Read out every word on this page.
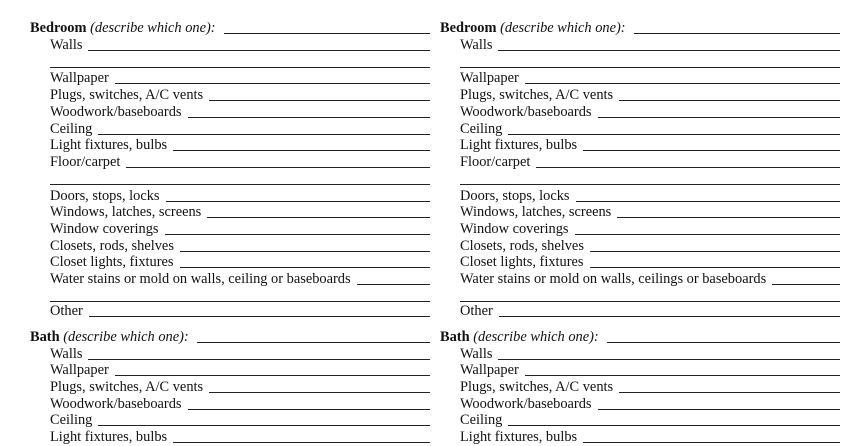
Bedroom (describe which one):
Walls
Wallpaper
Plugs, switches, A/C vents
Woodwork/baseboards
Ceiling
Light fixtures, bulbs
Floor/carpet
Doors, stops, locks
Windows, latches, screens
Window coverings
Closets, rods, shelves
Closet lights, fixtures
Water stains or mold on walls, ceiling or baseboards
Other
Bath (describe which one):
Walls
Wallpaper
Plugs, switches, A/C vents
Woodwork/baseboards
Ceiling
Light fixtures, bulbs
Bedroom (describe which one):
Walls
Wallpaper
Plugs, switches, A/C vents
Woodwork/baseboards
Ceiling
Light fixtures, bulbs
Floor/carpet
Doors, stops, locks
Windows, latches, screens
Window coverings
Closets, rods, shelves
Closet lights, fixtures
Water stains or mold on walls, ceilings or baseboards
Other
Bath (describe which one):
Walls
Wallpaper
Plugs, switches, A/C vents
Woodwork/baseboards
Ceiling
Light fixtures, bulbs
